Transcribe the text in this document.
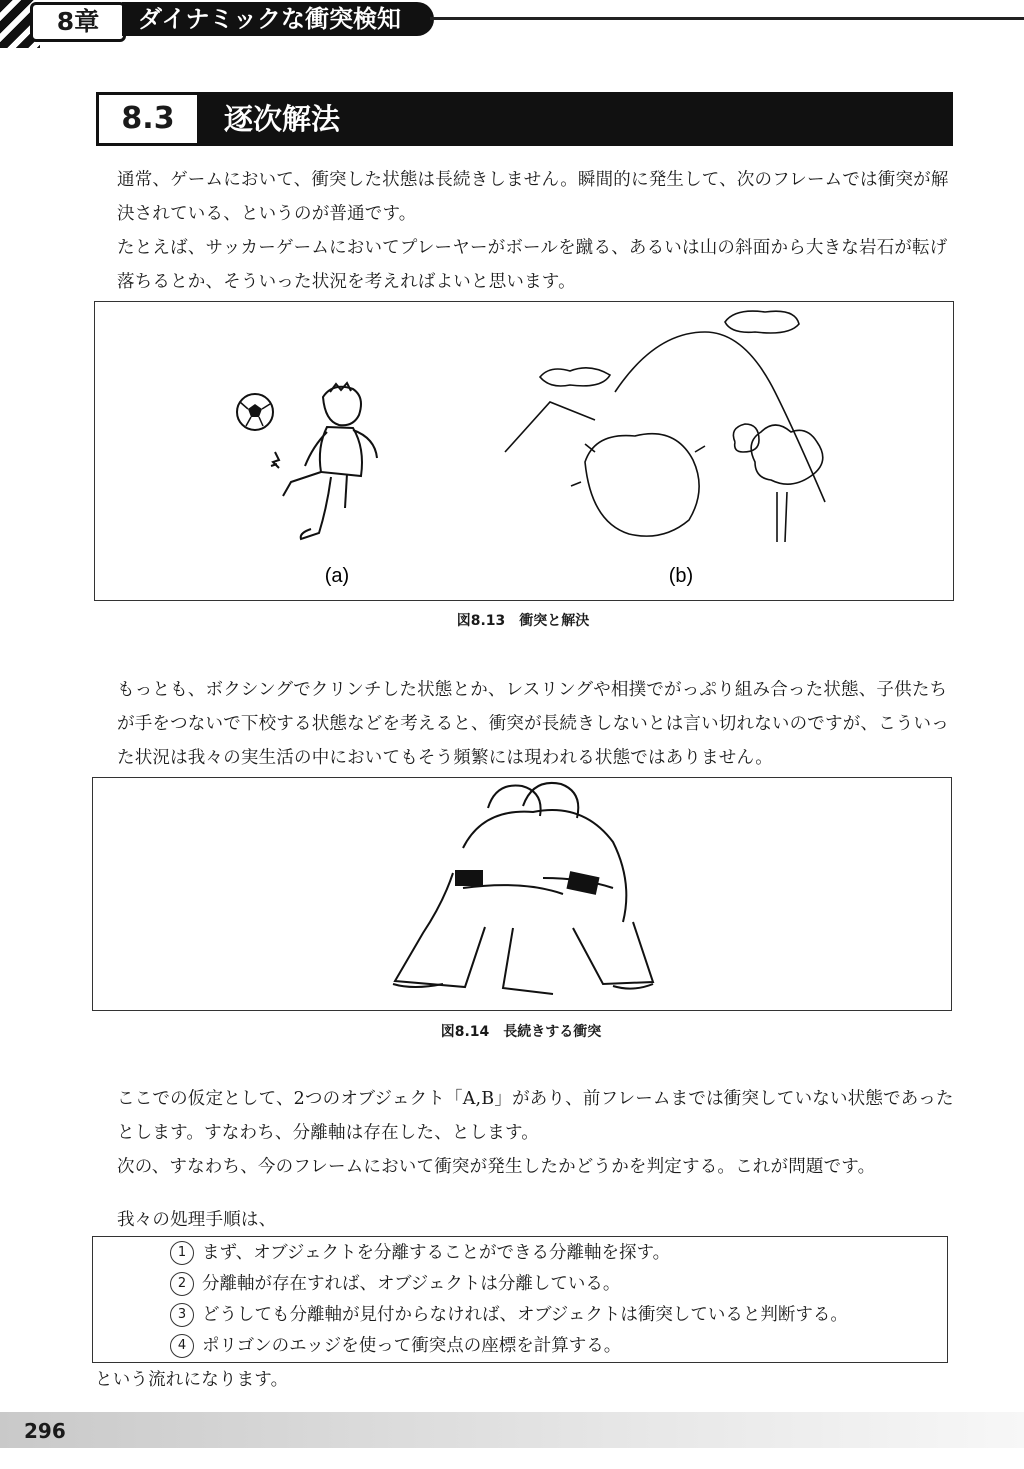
8章	ダイナミックな衝突検知
8.3	逐次解法
通常、ゲームにおいて、衝突した状態は長続きしません。瞬間的に発生して、次のフレームでは衝突が解決されている、というのが普通です。
たとえば、サッカーゲームにおいてプレーヤーがボールを蹴る、あるいは山の斜面から大きな岩石が転げ落ちるとか、そういった状況を考えればよいと思います。
(a)	(b)
図8.13　衝突と解決
もっとも、ボクシングでクリンチした状態とか、レスリングや相撲でがっぷり組み合った状態、子供たちが手をつないで下校する状態などを考えると、衝突が長続きしないとは言い切れないのですが、こういった状況は我々の実生活の中においてもそう頻繁には現われる状態ではありません。
図8.14　長続きする衝突
ここでの仮定として、2つのオブジェクト「A,B」があり、前フレームまでは衝突していない状態であったとします。すなわち、分離軸は存在した、とします。
次の、すなわち、今のフレームにおいて衝突が発生したかどうかを判定する。これが問題です。
我々の処理手順は、
1 まず、オブジェクトを分離することができる分離軸を探す。
2 分離軸が存在すれば、オブジェクトは分離している。
3 どうしても分離軸が見付からなければ、オブジェクトは衝突していると判断する。
4 ポリゴンのエッジを使って衝突点の座標を計算する。
という流れになります。
296
